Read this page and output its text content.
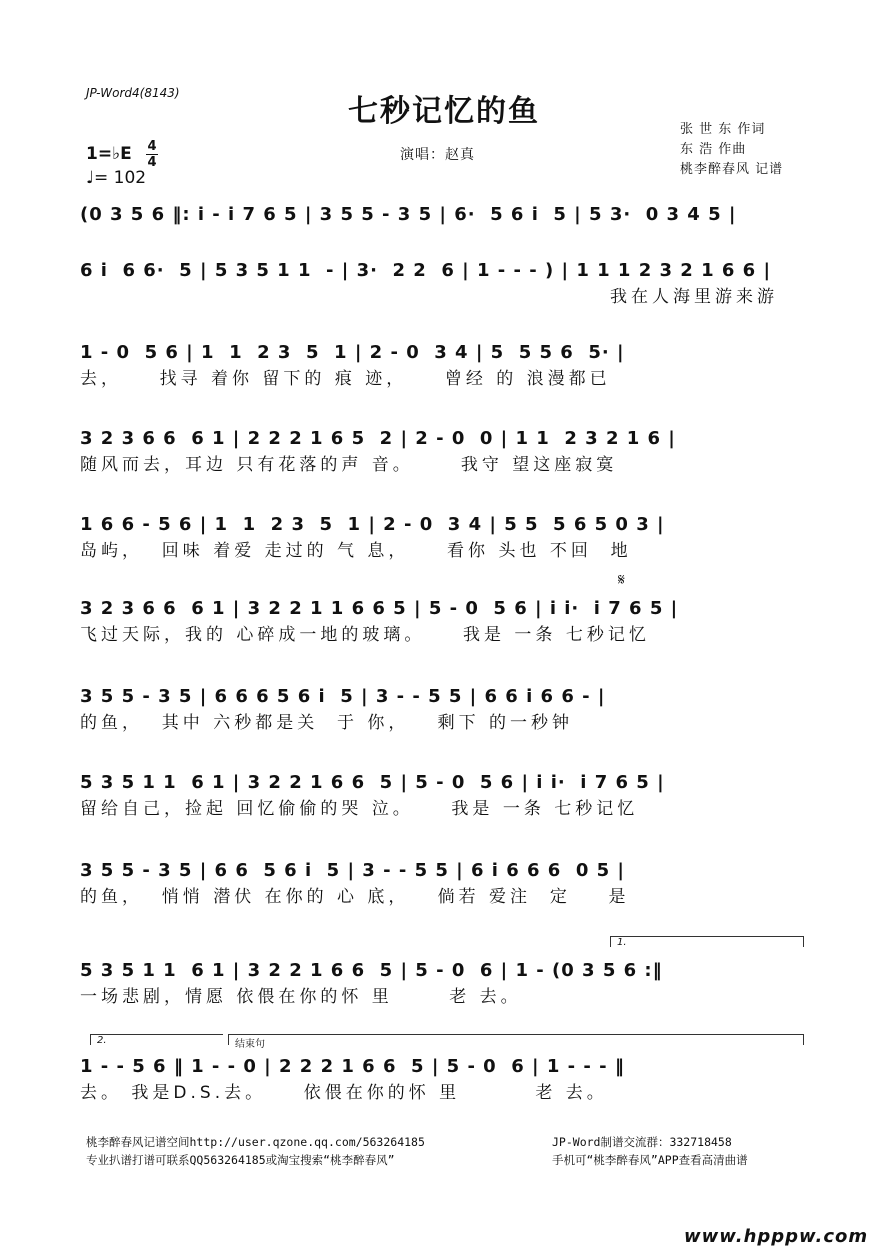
JP-Word4(8143)
七秒记忆的鱼
1=♭E 4
4
♩= 102
演唱：赵真
张 世 东 作词
东 浩 作曲
桃李醉春风 记谱
(0 3 5 6 ‖: i - i 7 6 5 | 3 5 5 - 3 5 | 6·  5 6 i  5 | 5 3·  0 3 4 5 |
6 i  6 6·  5 | 5 3 5 1 1  - | 3·  2 2  6 | 1 - - - ) | 1 1 1 2 3 2 1 6 6 |
我在人海里游来游
1 - 0  5 6 | 1  1  2 3  5  1 | 2 - 0  3 4 | 5  5 5 6  5· |
去，    找寻 着你 留下的 痕 迹，    曾经 的 浪漫都已
3 2 3 6 6  6 1 | 2 2 2 1 6 5  2 | 2 - 0  0 | 1 1  2 3 2 1 6 |
随风而去，耳边 只有花落的声 音。     我守 望这座寂寞
1 6 6 - 5 6 | 1  1  2 3  5  1 | 2 - 0  3 4 | 5 5  5 6 5 0 3 |
岛屿，  回味 着爱 走过的 气 息，    看你 头也 不回  地
𝄋
3 2 3 6 6  6 1 | 3 2 2 1 1 6 6 5 | 5 - 0  5 6 | i i·  i 7 6 5 |
飞过天际，我的 心碎成一地的玻璃。    我是 一条 七秒记忆
3 5 5 - 3 5 | 6 6 6 5 6 i  5 | 3 - - 5 5 | 6 6 i 6 6 - |
的鱼，  其中 六秒都是关  于 你，   剩下 的一秒钟
5 3 5 1 1  6 1 | 3 2 2 1 6 6  5 | 5 - 0  5 6 | i i·  i 7 6 5 |
留给自己，捡起 回忆偷偷的哭 泣。    我是 一条 七秒记忆
3 5 5 - 3 5 | 6 6  5 6 i  5 | 3 - - 5 5 | 6 i 6 6 6  0 5 |
的鱼，  悄悄 潜伏 在你的 心 底，   倘若 爱注  定    是
1.
5 3 5 1 1  6 1 | 3 2 2 1 6 6  5 | 5 - 0  6 | 1 - (0 3 5 6 :‖
一场悲剧，情愿 依偎在你的怀 里      老 去。
2.	结束句
1 - - 5 6 ‖ 1 - - 0 | 2 2 2 1 6 6  5 | 5 - 0  6 | 1 - - - ‖
去。 我是D.S.去。    依偎在你的怀 里        老 去。
桃李醉春风记谱空间http://user.qzone.qq.com/563264185
专业扒谱打谱可联系QQ563264185或淘宝搜索“桃李醉春风”
JP-Word制谱交流群：332718458
手机可“桃李醉春风”APP查看高清曲谱
www.hpppw.com
